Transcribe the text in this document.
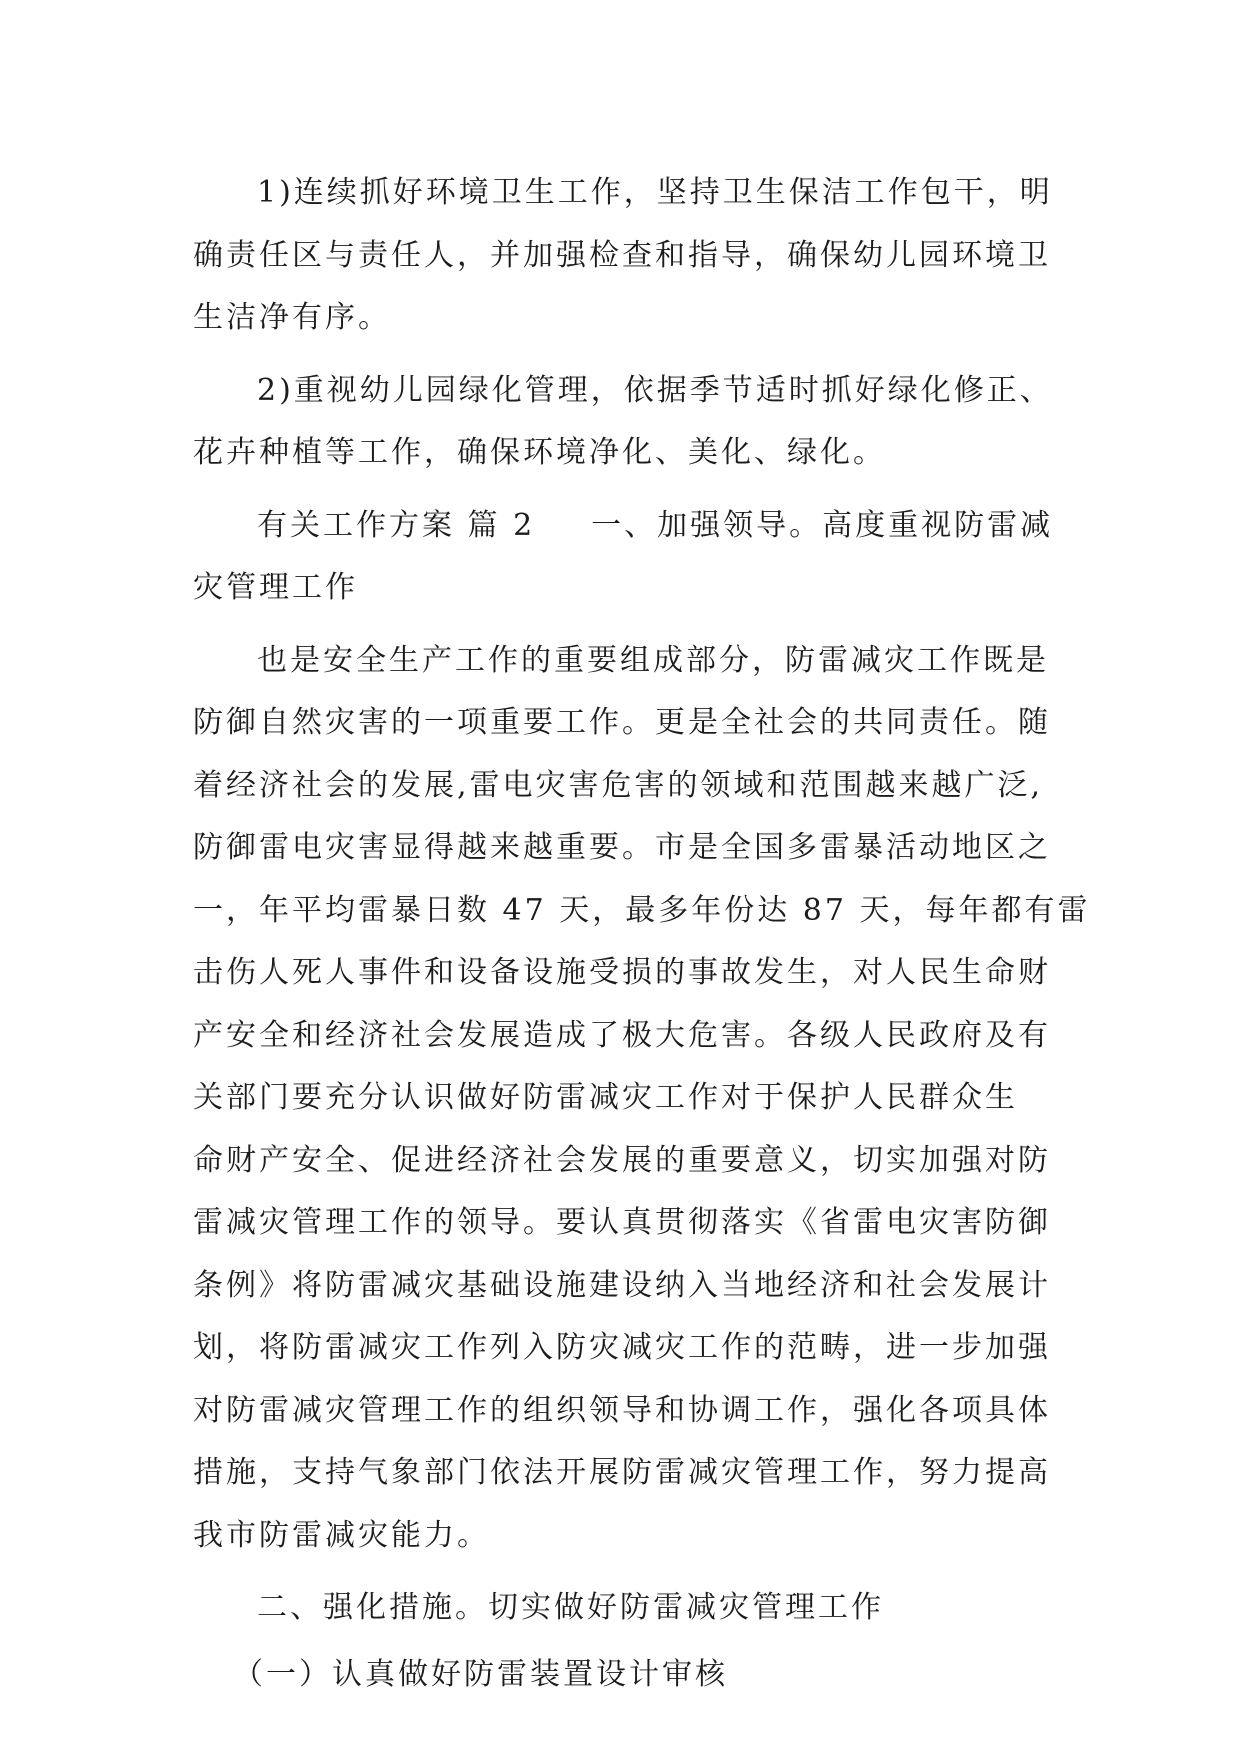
1)连续抓好环境卫生工作，坚持卫生保洁工作包干，明
确责任区与责任人，并加强检查和指导，确保幼儿园环境卫
生洁净有序。
2)重视幼儿园绿化管理，依据季节适时抓好绿化修正、
花卉种植等工作，确保环境净化、美化、绿化。
有关工作方案 篇 2 一、加强领导。高度重视防雷减
灾管理工作
也是安全生产工作的重要组成部分，防雷减灾工作既是
防御自然灾害的一项重要工作。更是全社会的共同责任。随
着经济社会的发展,雷电灾害危害的领域和范围越来越广泛,
防御雷电灾害显得越来越重要。市是全国多雷暴活动地区之
一，年平均雷暴日数 47 天，最多年份达 87 天，每年都有雷
击伤人死人事件和设备设施受损的事故发生，对人民生命财
产安全和经济社会发展造成了极大危害。各级人民政府及有
关部门要充分认识做好防雷减灾工作对于保护人民群众生
命财产安全、促进经济社会发展的重要意义，切实加强对防
雷减灾管理工作的领导。要认真贯彻落实《省雷电灾害防御
条例》将防雷减灾基础设施建设纳入当地经济和社会发展计
划，将防雷减灾工作列入防灾减灾工作的范畴，进一步加强
对防雷减灾管理工作的组织领导和协调工作，强化各项具体
措施，支持气象部门依法开展防雷减灾管理工作，努力提高
我市防雷减灾能力。
二、强化措施。切实做好防雷减灾管理工作
（一）认真做好防雷装置设计审核
